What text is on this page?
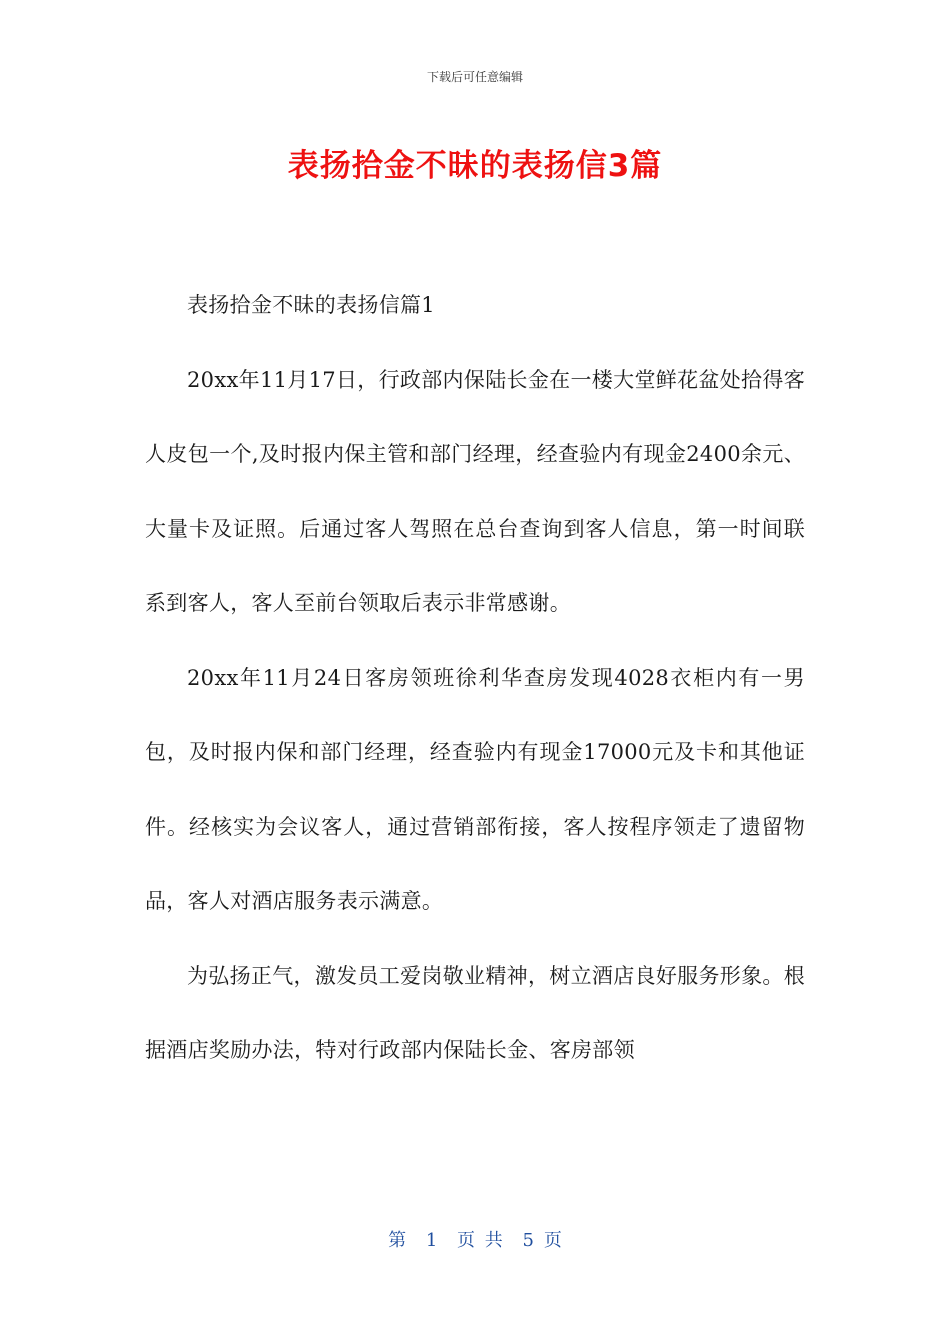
下载后可任意编辑
表扬拾金不昧的表扬信3篇

表扬拾金不昧的表扬信篇1

20xx年11月17日，行政部内保陆长金在一楼大堂鲜花盆处拾得客人皮包一个,及时报内保主管和部门经理，经查验内有现金2400余元、大量卡及证照。后通过客人驾照在总台查询到客人信息，第一时间联系到客人，客人至前台领取后表示非常感谢。

20xx年11月24日客房领班徐利华查房发现4028衣柜内有一男包，及时报内保和部门经理，经查验内有现金17000元及卡和其他证件。经核实为会议客人，通过营销部衔接，客人按程序领走了遗留物品，客人对酒店服务表示满意。

为弘扬正气，激发员工爱岗敬业精神，树立酒店良好服务形象。根据酒店奖励办法，特对行政部内保陆长金、客房部领

第 1 页 共 5 页
